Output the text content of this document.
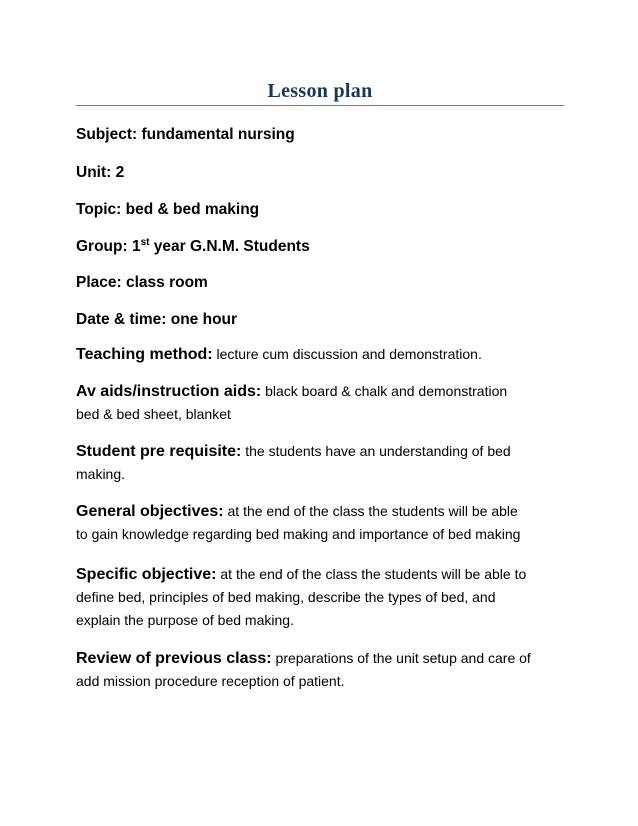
Lesson plan
Subject: fundamental nursing
Unit: 2
Topic: bed & bed making
Group: 1st year G.N.M. Students
Place: class room
Date & time: one hour
Teaching method: lecture cum discussion and demonstration.
Av aids/instruction aids: black board & chalk and demonstration
bed & bed sheet, blanket
Student pre requisite: the students have an understanding of bed
making.
General objectives: at the end of the class the students will be able
to gain knowledge regarding bed making and importance of bed making
Specific objective: at the end of the class the students will be able to
define bed, principles of bed making, describe the types of bed, and
explain the purpose of bed making.
Review of previous class: preparations of the unit setup and care of
add mission procedure reception of patient.
